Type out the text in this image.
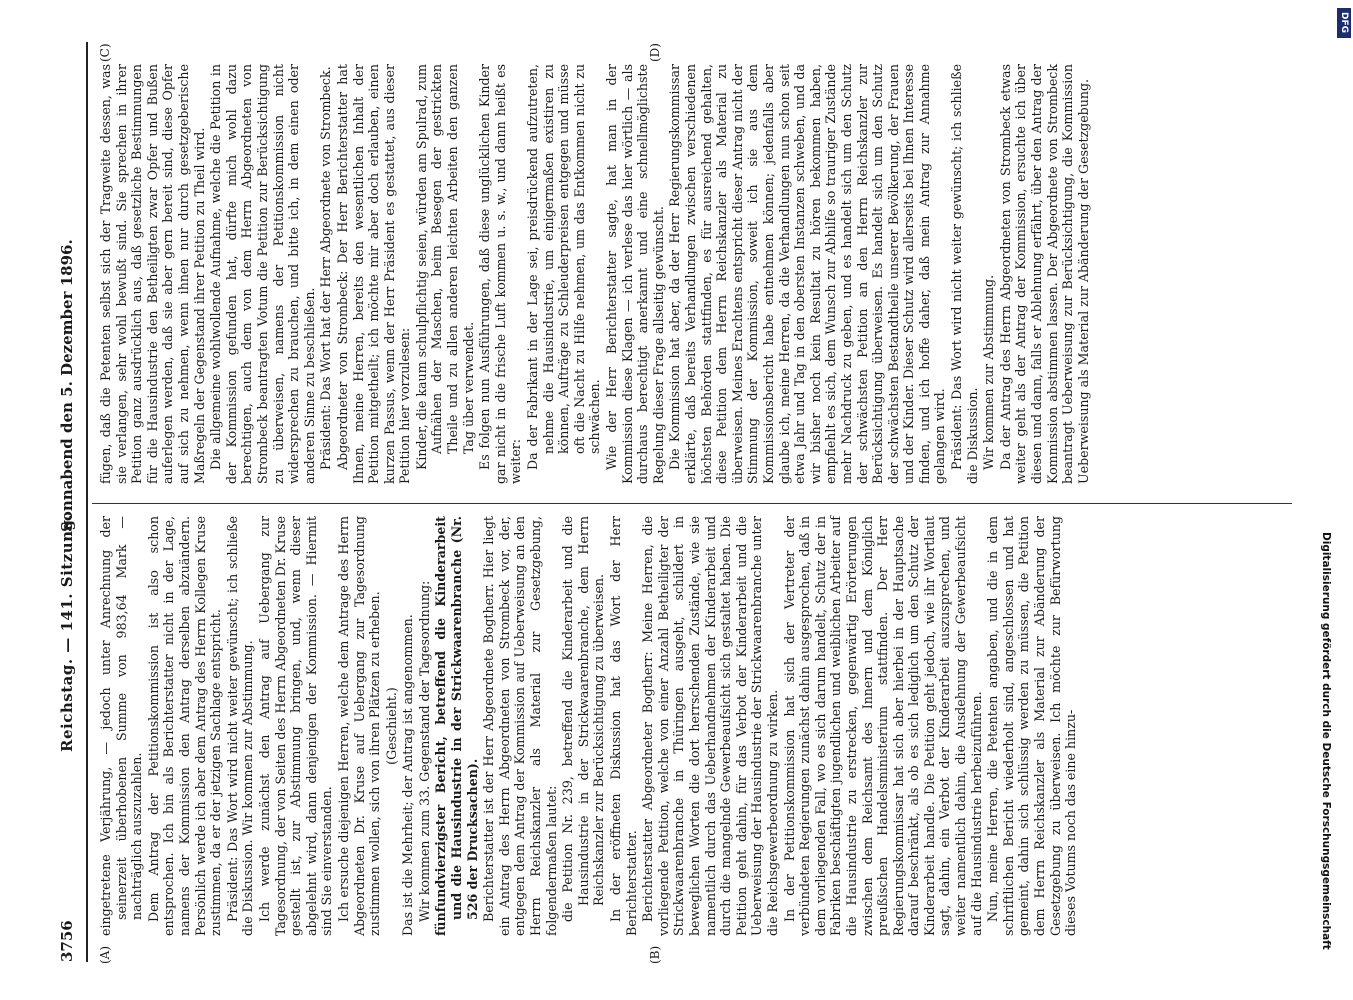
3756
Reichstag. — 141. Sitzung.
Sonnabend den 5. Dezember 1896.

eingetretene Verjährung, — jedoch unter Anrechnung der seinerzeit überhobenen Summe von 983,64 Mark — nachträglich auszuzahlen. Dem Antrag der Petitionskommission ist also schon entsprochen. Ich bin als Berichterstatter nicht in der Lage, namens der Kommission den Antrag derselben abzuändern. Persönlich werde ich aber dem Antrag des Herrn Kollegen Kruse zustimmen, da er der jetzigen Sachlage entspricht. Präsident: Das Wort wird nicht weiter gewünscht; ich schließe die Diskussion. Wir kommen zur Abstimmung. Ich werde zunächst den Antrag auf Uebergang zur Tagesordnung, der von Seiten des Herrn Abgeordneten Dr. Kruse gestellt ist, zur Abstimmung bringen, und, wenn dieser abgelehnt wird, dann denjenigen der Kommission. — Hiermit sind Sie einverstanden. Ich ersuche diejenigen Herren, welche dem Antrage des Herrn Abgeordneten Dr. Kruse auf Uebergang zur Tagesordnung zustimmen wollen, sich von ihren Plätzen zu erheben. (Geschieht.) Das ist die Mehrheit; der Antrag ist angenommen. Wir kommen zum 33. Gegenstand der Tagesordnung: fünfundvierzigster Bericht, betreffend die Kinderarbeit und die Hausindustrie in der Strickwaarenbranche (Nr. 526 der Drucksachen). Berichterstatter ist der Herr Abgeordnete Bogtherr. Hier liegt ein Antrag des Herrn Abgeordneten von Strombeck vor, der, entgegen dem Antrag der Kommission auf Ueberweisung an den Herrn Reichskanzler als Material zur Gesetzgebung, folgendermaßen lautet: die Petition Nr. 239, betreffend die Kinderarbeit und die Hausindustrie in der Strickwaarenbranche, dem Herrn Reichskanzler zur Berücksichtigung zu überweisen. In der eröffneten Diskussion hat das Wort der Herr Berichterstatter. Berichterstatter Abgeordneter Bogtherr: Meine Herren, die vorliegende Petition, welche von einer Anzahl Betheiligter der Strickwaarenbranche in Thüringen ausgeht, schildert in beweglichen Worten die dort herrschenden Zustände, wie sie namentlich durch das Ueberhandnehmen der Kinderarbeit und durch die mangelnde Gewerbeaufsicht sich gestaltet haben. Die Petition geht dahin, für das Verbot der Kinderarbeit und die Ueberweisung der Hausindustrie der Strickwaarenbranche unter die Reichsgewerbeordnung zu wirken. In der Petitionskommission hat sich der Vertreter der verbündeten Regierungen zunächst dahin ausgesprochen, daß in dem vorliegenden Fall, wo es sich darum handelt, Schutz der in Fabriken beschäftigten jugendlichen und weiblichen Arbeiter auf die Hausindustrie zu erstrecken, gegenwärtig Erörterungen zwischen dem Reichsamt des Innern und dem Königlich preußischen Handelsministerium stattfinden. Der Herr Regierungskommissar hat sich aber hierbei in der Hauptsache darauf beschränkt, als ob es sich lediglich um den Schutz der Kinderarbeit handle. Die Petition geht jedoch, wie ihr Wortlaut sagt, dahin, ein Verbot der Kinderarbeit auszusprechen, und weiter namentlich dahin, die Ausdehnung der Gewerbeaufsicht auf die Hausindustrie herbeizuführen. Nun, meine Herren, die Petenten angaben, und die in dem schriftlichen Bericht wiederholt sind, angeschlossen und hat gemeint, dahin sich schlüssig werden zu müssen, die Petition dem Herrn Reichskanzler als Material zur Abänderung der Gesetzgebung zu überweisen. Ich möchte zur Befürwortung dieses Votums noch das eine hinzu-

fügen, daß die Petenten selbst sich der Tragweite dessen, was sie verlangen, sehr wohl bewußt sind. Sie sprechen in ihrer Petition ganz ausdrücklich aus, daß gesetzliche Bestimmungen für die Hausindustrie den Betheiligten zwar Opfer und Bußen auferlegen werden, daß sie aber gern bereit sind, diese Opfer auf sich zu nehmen, wenn ihnen nur durch gesetzgeberische Maßregeln der Gegenstand ihrer Petition zu Theil wird. Die allgemeine wohlwollende Aufnahme, welche die Petition in der Kommission gefunden hat, dürfte mich wohl dazu berechtigen, auch dem von dem Herrn Abgeordneten von Strombeck beantragten Votum die Petition zur Berücksichtigung zu überweisen, namens der Petitionskommission nicht widersprechen zu brauchen, und bitte ich, in dem einen oder anderen Sinne zu beschließen. Präsident: Das Wort hat der Herr Abgeordnete von Strombeck. Abgeordneter von Strombeck: Der Herr Berichterstatter hat Ihnen, meine Herren, bereits den wesentlichen Inhalt der Petition mitgetheilt; ich möchte mir aber doch erlauben, einen kurzen Passus, wenn der Herr Präsident es gestattet, aus dieser Petition hier vorzulesen: Kinder, die kaum schulpflichtig seien, würden am Spulrad, zum Aufnähen der Maschen, beim Besegen der gestrickten Theile und zu allen anderen leichten Arbeiten den ganzen Tag über verwendet. Es folgen nun Ausführungen, daß diese unglücklichen Kinder gar nicht in die frische Luft kommen u. s. w., und dann heißt es weiter: Da der Fabrikant in der Lage sei, preisdrückend aufzutreten, nehme die Hausindustrie, um einigermaßen existiren zu können, Aufträge zu Schleuderpreisen entgegen und müsse oft die Nacht zu Hilfe nehmen, um das Entkommen nicht zu schwächen. Wie der Herr Berichterstatter sagte, hat man in der Kommission diese Klagen — ich verlese das hier wörtlich — als durchaus berechtigt anerkannt und eine schnellmöglichste Regelung dieser Frage allseitig gewünscht. Die Kommission hat aber, da der Herr Regierungskommissar erklärte, daß bereits Verhandlungen zwischen verschiedenen höchsten Behörden stattfinden, es für ausreichend gehalten, diese Petition dem Herrn Reichskanzler als Material zu überweisen. Meines Erachtens entspricht dieser Antrag nicht der Stimmung der Kommission, soweit ich sie aus dem Kommissionsbericht habe entnehmen können; jedenfalls aber glaube ich, meine Herren, da die Verhandlungen nun schon seit etwa Jahr und Tag in den obersten Instanzen schweben, und da wir bisher noch kein Resultat zu hören bekommen haben, empfiehlt es sich, dem Wunsch zur Abhilfe so trauriger Zustände mehr Nachdruck zu geben, und es handelt sich um den Schutz der schwächsten Petition an den Herrn Reichskanzler zur Berücksichtigung überweisen. Es handelt sich um den Schutz der schwächsten Bestandtheile unserer Bevölkerung, der Frauen und der Kinder. Dieser Schutz wird allerseits bei Ihnen Interesse finden, und ich hoffe daher, daß mein Antrag zur Annahme gelangen wird. Präsident: Das Wort wird nicht weiter gewünscht; ich schließe die Diskussion. Wir kommen zur Abstimmung. Da der Antrag des Herrn Abgeordneten von Strombeck etwas weiter geht als der Antrag der Kommission, ersuchte ich über diesen und dann, falls er Ablehnung erfährt, über den Antrag der Kommission abstimmen lassen. Der Abgeordnete von Strombeck beantragt Ueberweisung zur Berücksichtigung, die Kommission Ueberweisung als Material zur Abänderung der Gesetzgebung.

(A)	(B)
(C)	(D)
DFG
Digitalisierung gefördert durch die Deutsche Forschungsgemeinschaft
